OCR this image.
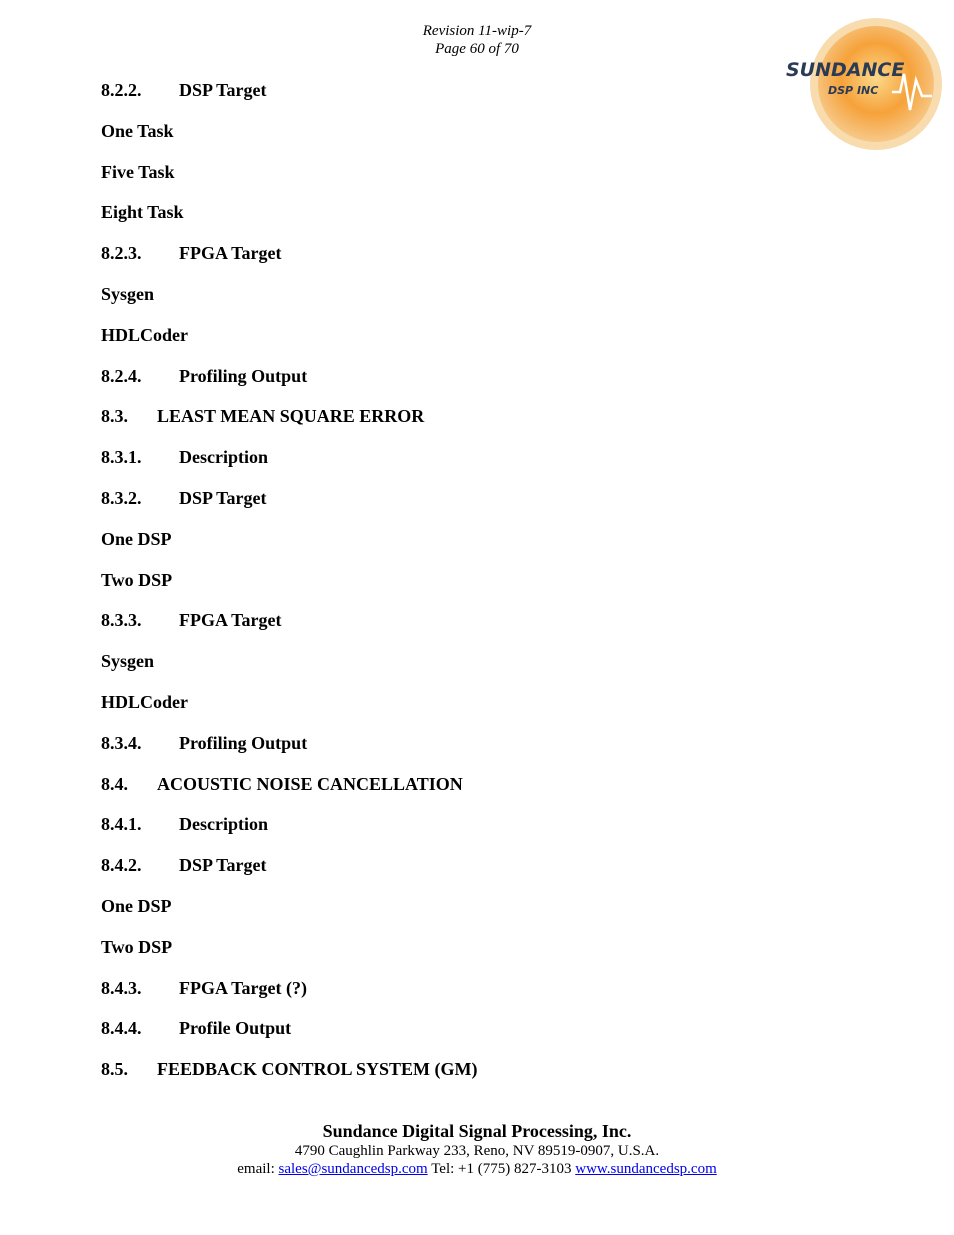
Revision 11-wip-7
Page 60 of 70
SUNDANCE
DSP INC
8.2.2. DSP Target
One Task
Five Task
Eight Task
8.2.3. FPGA Target
Sysgen
HDLCoder
8.2.4. Profiling Output
8.3. LEAST MEAN SQUARE ERROR
8.3.1. Description
8.3.2. DSP Target
One DSP
Two DSP
8.3.3. FPGA Target
Sysgen
HDLCoder
8.3.4. Profiling Output
8.4. ACOUSTIC NOISE CANCELLATION
8.4.1. Description
8.4.2. DSP Target
One DSP
Two DSP
8.4.3. FPGA Target (?)
8.4.4. Profile Output
8.5. FEEDBACK CONTROL SYSTEM (GM)
Sundance Digital Signal Processing, Inc.
4790 Caughlin Parkway 233, Reno, NV 89519-0907, U.S.A.
email: sales@sundancedsp.com Tel: +1 (775) 827-3103 www.sundancedsp.com
